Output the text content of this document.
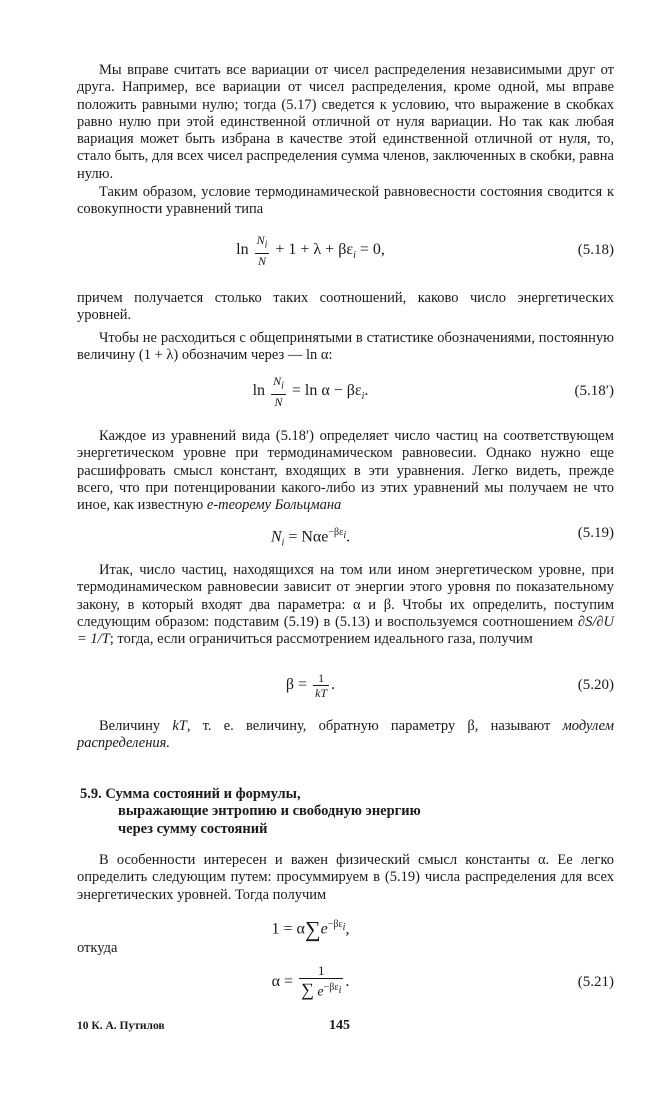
Мы вправе считать все вариации от чисел распределения независимыми друг от друга. Например, все вариации от чисел распределения, кроме одной, мы вправе положить равными нулю; тогда (5.17) сведется к условию, что выражение в скобках равно нулю при этой единственной отличной от нуля вариации. Но так как любая вариация может быть избрана в качестве этой единственной отличной от нуля, то, стало быть, для всех чисел распределения сумма членов, заключенных в скобки, равна нулю.

Таким образом, условие термодинамической равновесности состояния сводится к совокупности уравнений типа

$\ln \frac{N_i}{N} + 1 + \lambda + \beta\varepsilon_i = 0$,	(5.18)

причем получается столько таких соотношений, каково число энергетических уровней.

Чтобы не расходиться с общепринятыми в статистике обозначениями, постоянную величину (1 + λ) обозначим через — ln α:

$\ln \frac{N_i}{N} = \ln \alpha - \beta\varepsilon_i$.	(5.18′)

Каждое из уравнений вида (5.18′) определяет число частиц на соответствующем энергетическом уровне при термодинамическом равновесии. Однако нужно еще расшифровать смысл констант, входящих в эти уравнения. Легко видеть, прежде всего, что при потенцировании какого-либо из этих уравнений мы получаем не что иное, как известную е-теорему Больцмана

$N_i = N\alpha e^{-\beta\varepsilon_i}$.	(5.19)

Итак, число частиц, находящихся на том или ином энергетическом уровне, при термодинамическом равновесии зависит от энергии этого уровня по показательному закону, в который входят два параметра: α и β. Чтобы их определить, поступим следующим образом: подставим (5.19) в (5.13) и воспользуемся соотношением ∂S/∂U = 1/T; тогда, если ограничиться рассмотрением идеального газа, получим

$\beta = \frac{1}{kT}$ .	(5.20)

Величину kT, т. е. величину, обратную параметру β, называют модулем распределения.

5.9. Сумма состояний и формулы,
выражающие энтропию и свободную энергию
через сумму состояний

В особенности интересен и важен физический смысл константы α. Ее легко определить следующим путем: просуммируем в (5.19) числа распределения для всех энергетических уровней. Тогда получим

$1 = \alpha\sum e^{-\beta\varepsilon_i}$,

откуда

$\alpha = \frac{1}{\sum e^{-\beta\varepsilon_i}}$ .	(5.21)
10 К. А. Путилов	145
